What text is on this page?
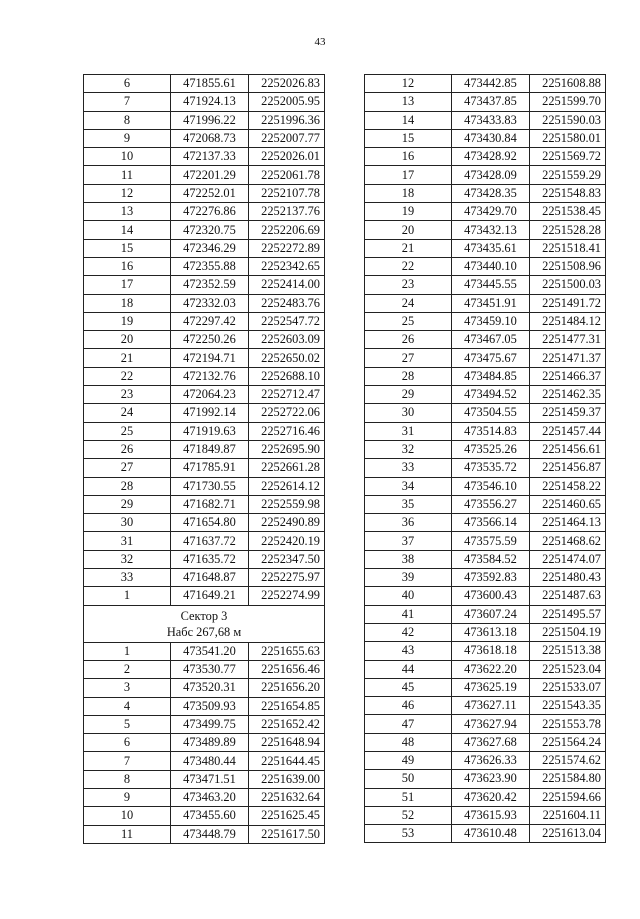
43
6	471855.61	2252026.83
7	471924.13	2252005.95
8	471996.22	2251996.36
9	472068.73	2252007.77
10	472137.33	2252026.01
11	472201.29	2252061.78
12	472252.01	2252107.78
13	472276.86	2252137.76
14	472320.75	2252206.69
15	472346.29	2252272.89
16	472355.88	2252342.65
17	472352.59	2252414.00
18	472332.03	2252483.76
19	472297.42	2252547.72
20	472250.26	2252603.09
21	472194.71	2252650.02
22	472132.76	2252688.10
23	472064.23	2252712.47
24	471992.14	2252722.06
25	471919.63	2252716.46
26	471849.87	2252695.90
27	471785.91	2252661.28
28	471730.55	2252614.12
29	471682.71	2252559.98
30	471654.80	2252490.89
31	471637.72	2252420.19
32	471635.72	2252347.50
33	471648.87	2252275.97
1	471649.21	2252274.99

Сектор 3
Набс 267,68 м		

1	473541.20	2251655.63
2	473530.77	2251656.46
3	473520.31	2251656.20
4	473509.93	2251654.85
5	473499.75	2251652.42
6	473489.89	2251648.94
7	473480.44	2251644.45
8	473471.51	2251639.00
9	473463.20	2251632.64
10	473455.60	2251625.45
11	473448.79	2251617.50
12	473442.85	2251608.88
13	473437.85	2251599.70
14	473433.83	2251590.03
15	473430.84	2251580.01
16	473428.92	2251569.72
17	473428.09	2251559.29
18	473428.35	2251548.83
19	473429.70	2251538.45
20	473432.13	2251528.28
21	473435.61	2251518.41
22	473440.10	2251508.96
23	473445.55	2251500.03
24	473451.91	2251491.72
25	473459.10	2251484.12
26	473467.05	2251477.31
27	473475.67	2251471.37
28	473484.85	2251466.37
29	473494.52	2251462.35
30	473504.55	2251459.37
31	473514.83	2251457.44
32	473525.26	2251456.61
33	473535.72	2251456.87
34	473546.10	2251458.22
35	473556.27	2251460.65
36	473566.14	2251464.13
37	473575.59	2251468.62
38	473584.52	2251474.07
39	473592.83	2251480.43
40	473600.43	2251487.63
41	473607.24	2251495.57
42	473613.18	2251504.19
43	473618.18	2251513.38
44	473622.20	2251523.04
45	473625.19	2251533.07
46	473627.11	2251543.35
47	473627.94	2251553.78
48	473627.68	2251564.24
49	473626.33	2251574.62
50	473623.90	2251584.80
51	473620.42	2251594.66
52	473615.93	2251604.11
53	473610.48	2251613.04
